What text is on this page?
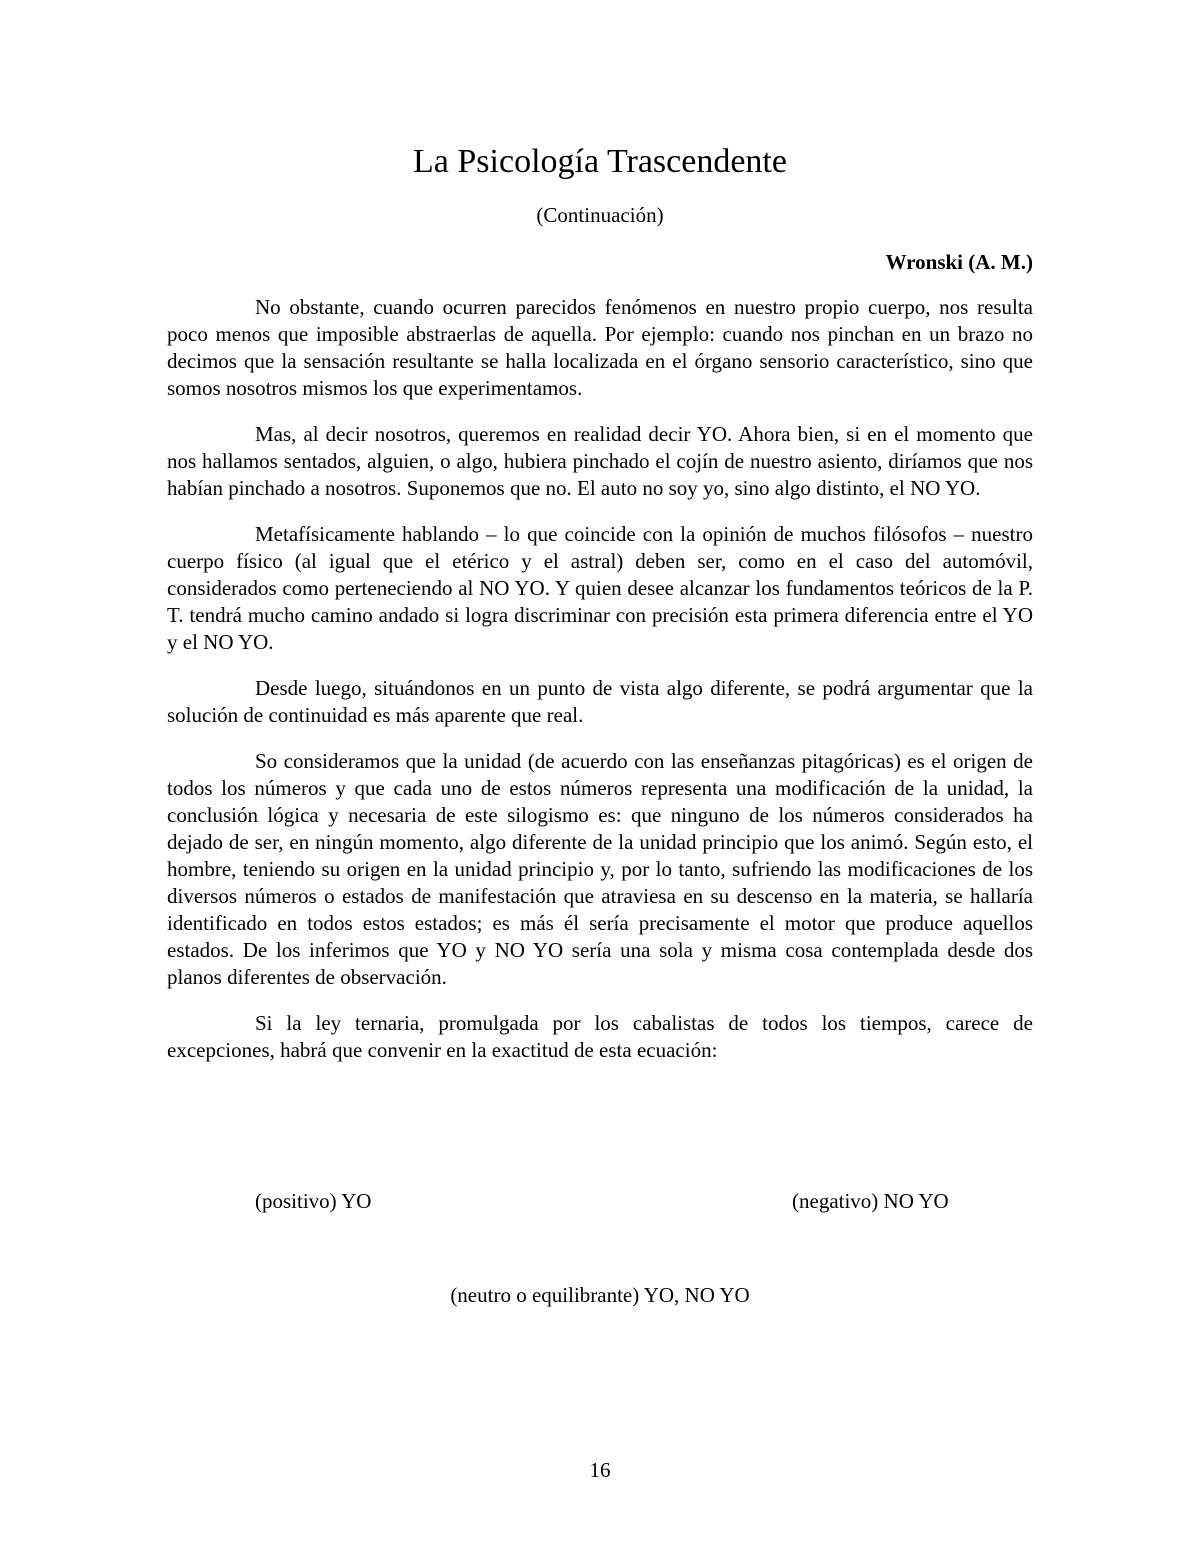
La Psicología Trascendente
(Continuación)
Wronski (A. M.)

No obstante, cuando ocurren parecidos fenómenos en nuestro propio cuerpo, nos resulta poco menos que imposible abstraerlas de aquella. Por ejemplo: cuando nos pinchan en un brazo no decimos que la sensación resultante se halla localizada en el órgano sensorio característico, sino que somos nosotros mismos los que experimentamos.

Mas, al decir nosotros, queremos en realidad decir YO. Ahora bien, si en el momento que nos hallamos sentados, alguien, o algo, hubiera pinchado el cojín de nuestro asiento, diríamos que nos habían pinchado a nosotros. Suponemos que no. El auto no soy yo, sino algo distinto, el NO YO.

Metafísicamente hablando – lo que coincide con la opinión de muchos filósofos – nuestro cuerpo físico (al igual que el etérico y el astral) deben ser, como en el caso del automóvil, considerados como perteneciendo al NO YO. Y quien desee alcanzar los fundamentos teóricos de la P. T. tendrá mucho camino andado si logra discriminar con precisión esta primera diferencia entre el YO y el NO YO.

Desde luego, situándonos en un punto de vista algo diferente, se podrá argumentar que la solución de continuidad es más aparente que real.

So consideramos que la unidad (de acuerdo con las enseñanzas pitagóricas) es el origen de todos los números y que cada uno de estos números representa una modificación de la unidad, la conclusión lógica y necesaria de este silogismo es: que ninguno de los números considerados ha dejado de ser, en ningún momento, algo diferente de la unidad principio que los animó. Según esto, el hombre, teniendo su origen en la unidad principio y, por lo tanto, sufriendo las modificaciones de los diversos números o estados de manifestación que atraviesa en su descenso en la materia, se hallaría identificado en todos estos estados; es más él sería precisamente el motor que produce aquellos estados. De los inferimos que YO y NO YO sería una sola y misma cosa contemplada desde dos planos diferentes de observación.

Si la ley ternaria, promulgada por los cabalistas de todos los tiempos, carece de excepciones, habrá que convenir en la exactitud de esta ecuación:

(positivo) YO	(negativo) NO YO
(neutro o equilibrante) YO, NO YO
16
